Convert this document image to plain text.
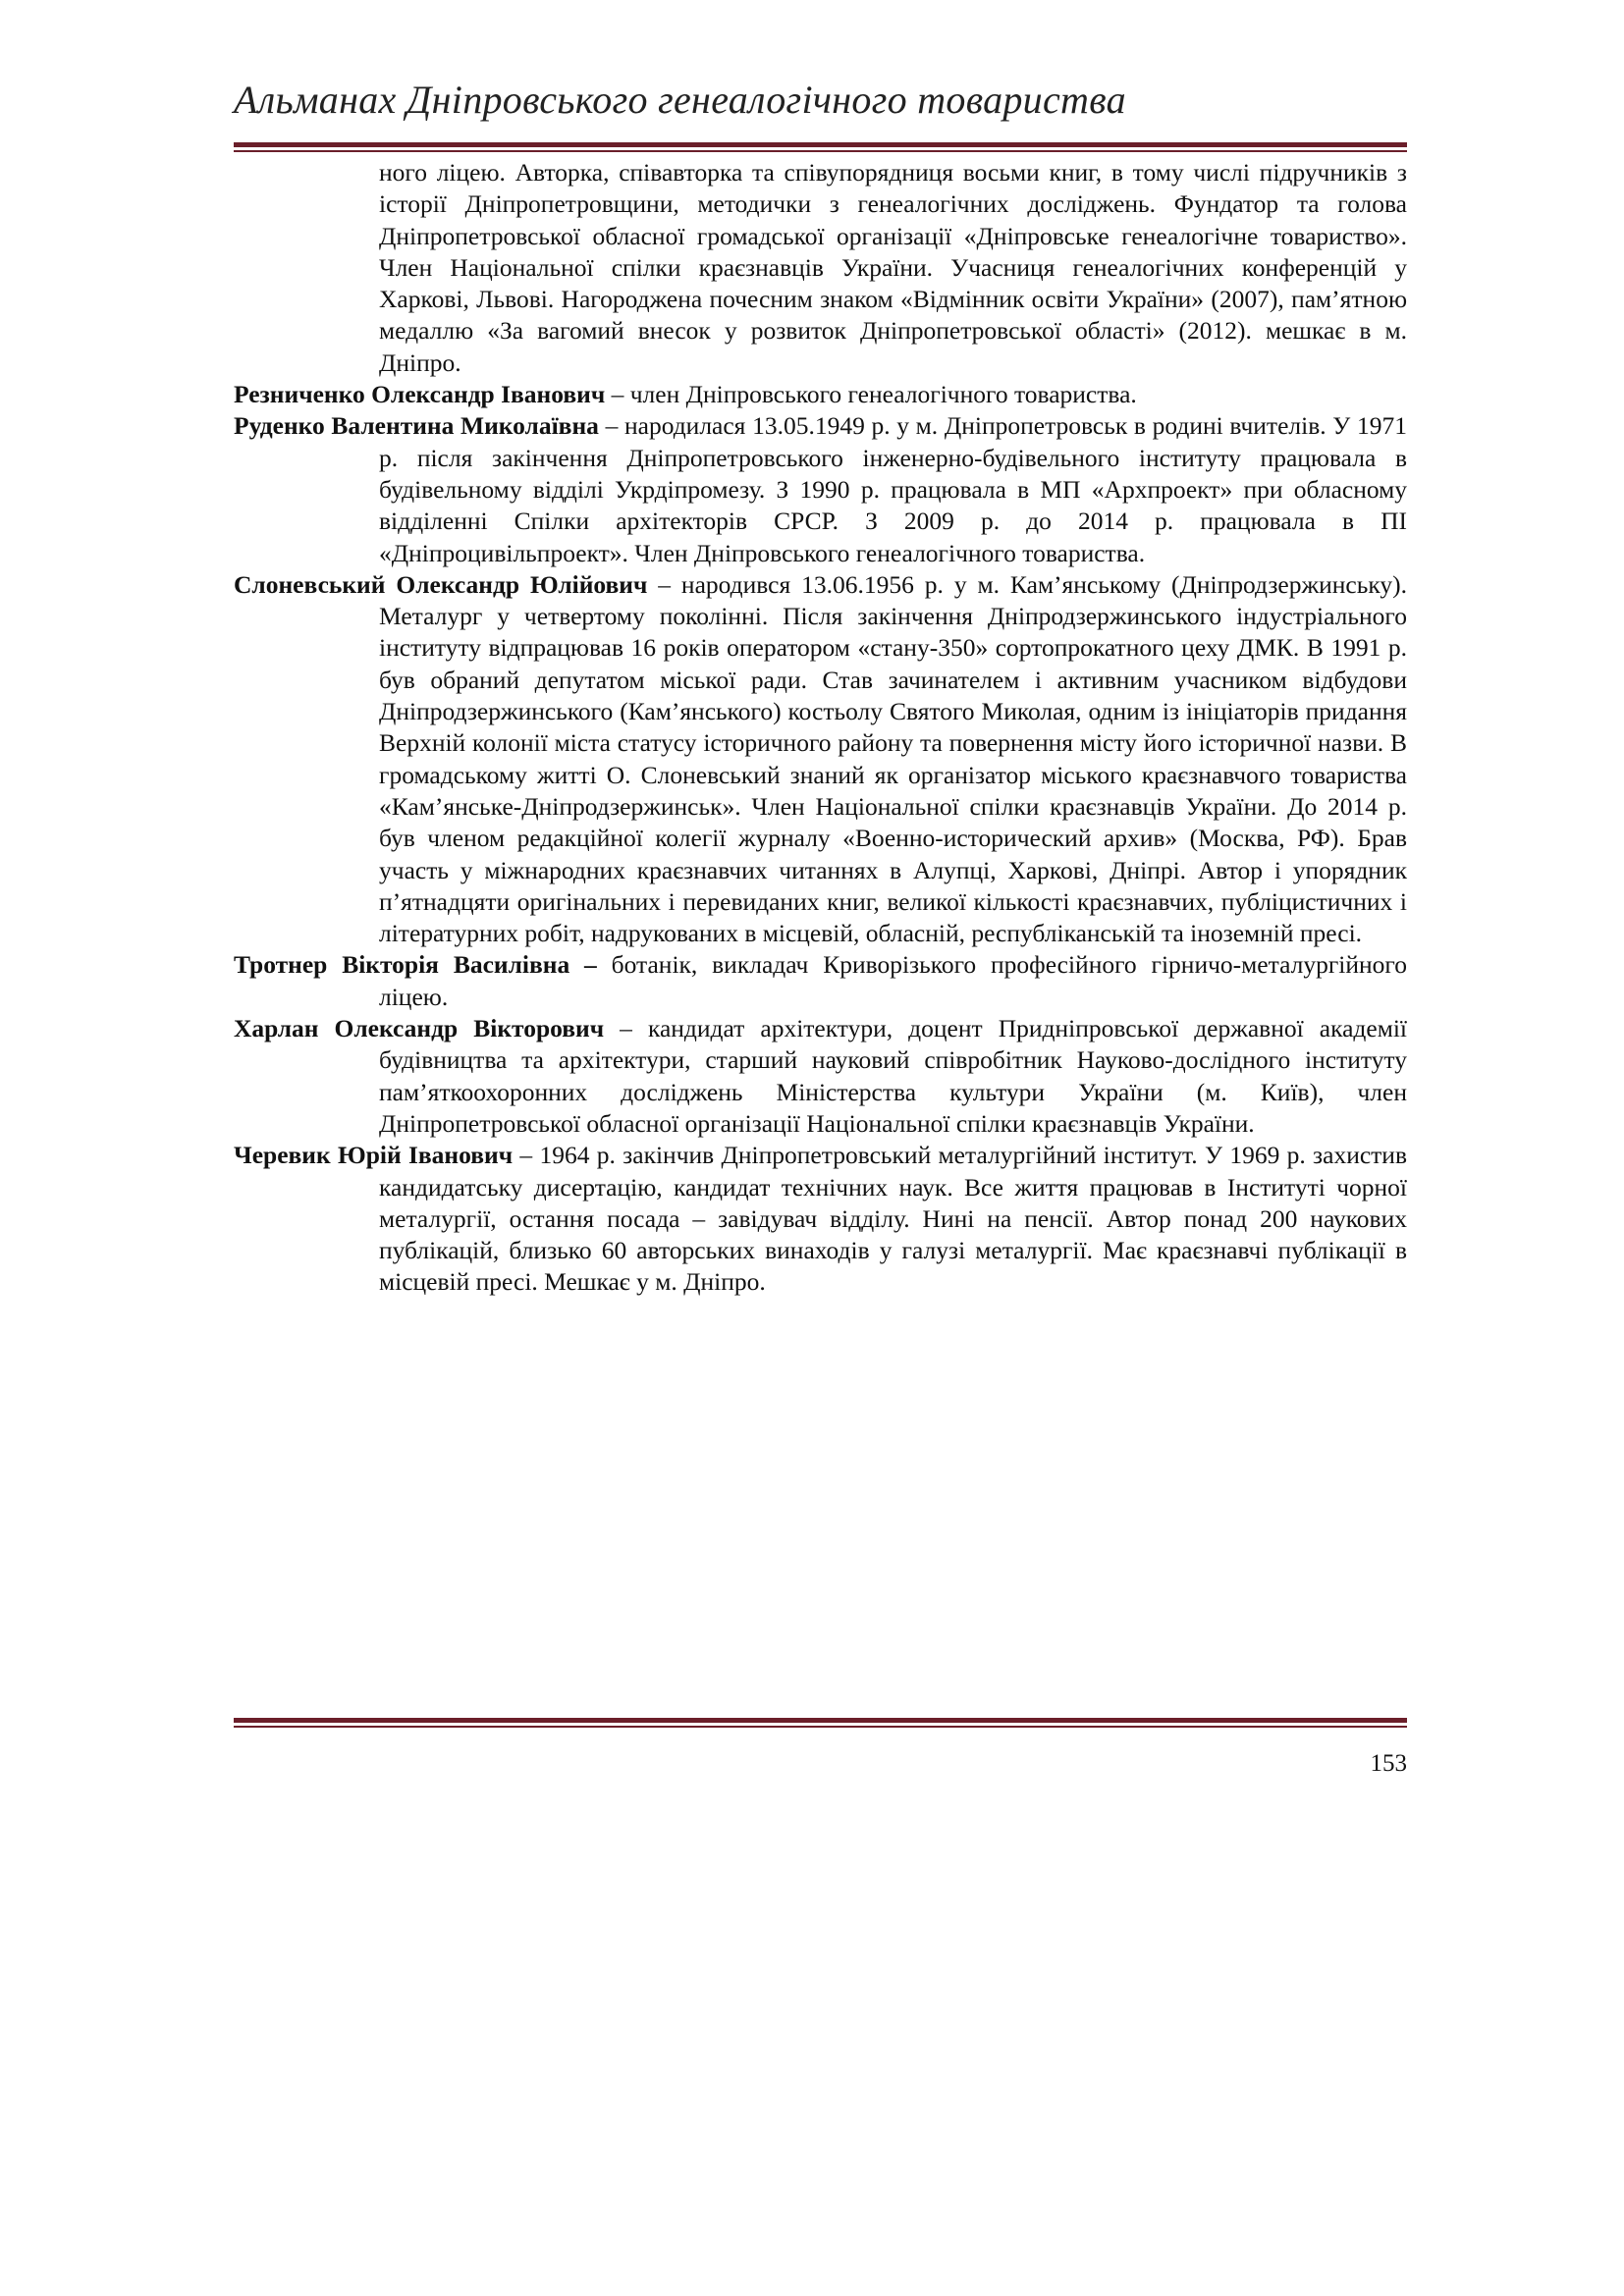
Альманах Дніпровського генеалогічного товариства

ного ліцею. Авторка, співавторка та співупорядниця восьми книг, в тому числі підручників з історії Дніпропетровщини, методички з генеалогічних досліджень. Фундатор та голова Дніпропетровської обласної громадської організації «Дніпровське генеалогічне товариство». Член Національної спілки краєзнавців України. Учасниця генеалогічних конференцій у Харкові, Львові. Нагороджена почесним знаком «Відмінник освіти України» (2007), пам’ятною медаллю «За вагомий внесок у розвиток Дніпропетровської області» (2012). мешкає в м. Дніпро.

Резниченко Олександр Іванович – член Дніпровського генеалогічного товариства.

Руденко Валентина Миколаївна – народилася 13.05.1949 р. у м. Дніпропетровськ в родині вчителів. У 1971 р. після закінчення Дніпропетровського інженерно-будівельного інституту працювала в будівельному відділі Укрдіпромезу. З 1990 р. працювала в МП «Архпроект» при обласному відділенні Спілки архітекторів СРСР. З 2009 р. до 2014 р. працювала в ПІ «Дніпроцивільпроект». Член Дніпровського генеалогічного товариства.

Слоневський Олександр Юлійович – народився 13.06.1956 р. у м. Кам’янському (Дніпродзержинську). Металург у четвертому поколінні. Після закінчення Дніпродзержинського індустріального інституту відпрацював 16 років оператором «стану-350» сортопрокатного цеху ДМК. В 1991 р. був обраний депутатом міської ради. Став зачинателем і активним учасником відбудови Дніпродзержинського (Кам’янського) костьолу Святого Миколая, одним із ініціаторів придання Верхній колонії міста статусу історичного району та повернення місту його історичної назви. В громадському житті О. Слоневський знаний як організатор міського краєзнавчого товариства «Кам’янське-Дніпродзержинськ». Член Національної спілки краєзнавців України. До 2014 р. був членом редакційної колегії журналу «Военно-исторический архив» (Москва, РФ). Брав участь у міжнародних краєзнавчих читаннях в Алупці, Харкові, Дніпрі. Автор і упорядник п’ятнадцяти оригінальних і перевиданих книг, великої кількості краєзнавчих, публіцистичних і літературних робіт, надрукованих в місцевій, обласній, республіканській та іноземній пресі.

Тротнер Вікторія Василівна – ботанік, викладач Криворізького професійного гірничо-металургійного ліцею.

Харлан Олександр Вікторович – кандидат архітектури, доцент Придніпровської державної академії будівництва та архітектури, старший науковий співробітник Науково-дослідного інституту пам’яткоохоронних досліджень Міністерства культури України (м. Київ), член Дніпропетровської обласної організації Національної спілки краєзнавців України.

Черевик Юрій Іванович – 1964 р. закінчив Дніпропетровський металургійний інститут. У 1969 р. захистив кандидатську дисертацію, кандидат технічних наук. Все життя працював в Інституті чорної металургії, остання посада – завідувач відділу. Нині на пенсії. Автор понад 200 наукових публікацій, близько 60 авторських винаходів у галузі металургії. Має краєзнавчі публікації в місцевій пресі. Мешкає у м. Дніпро.

153
